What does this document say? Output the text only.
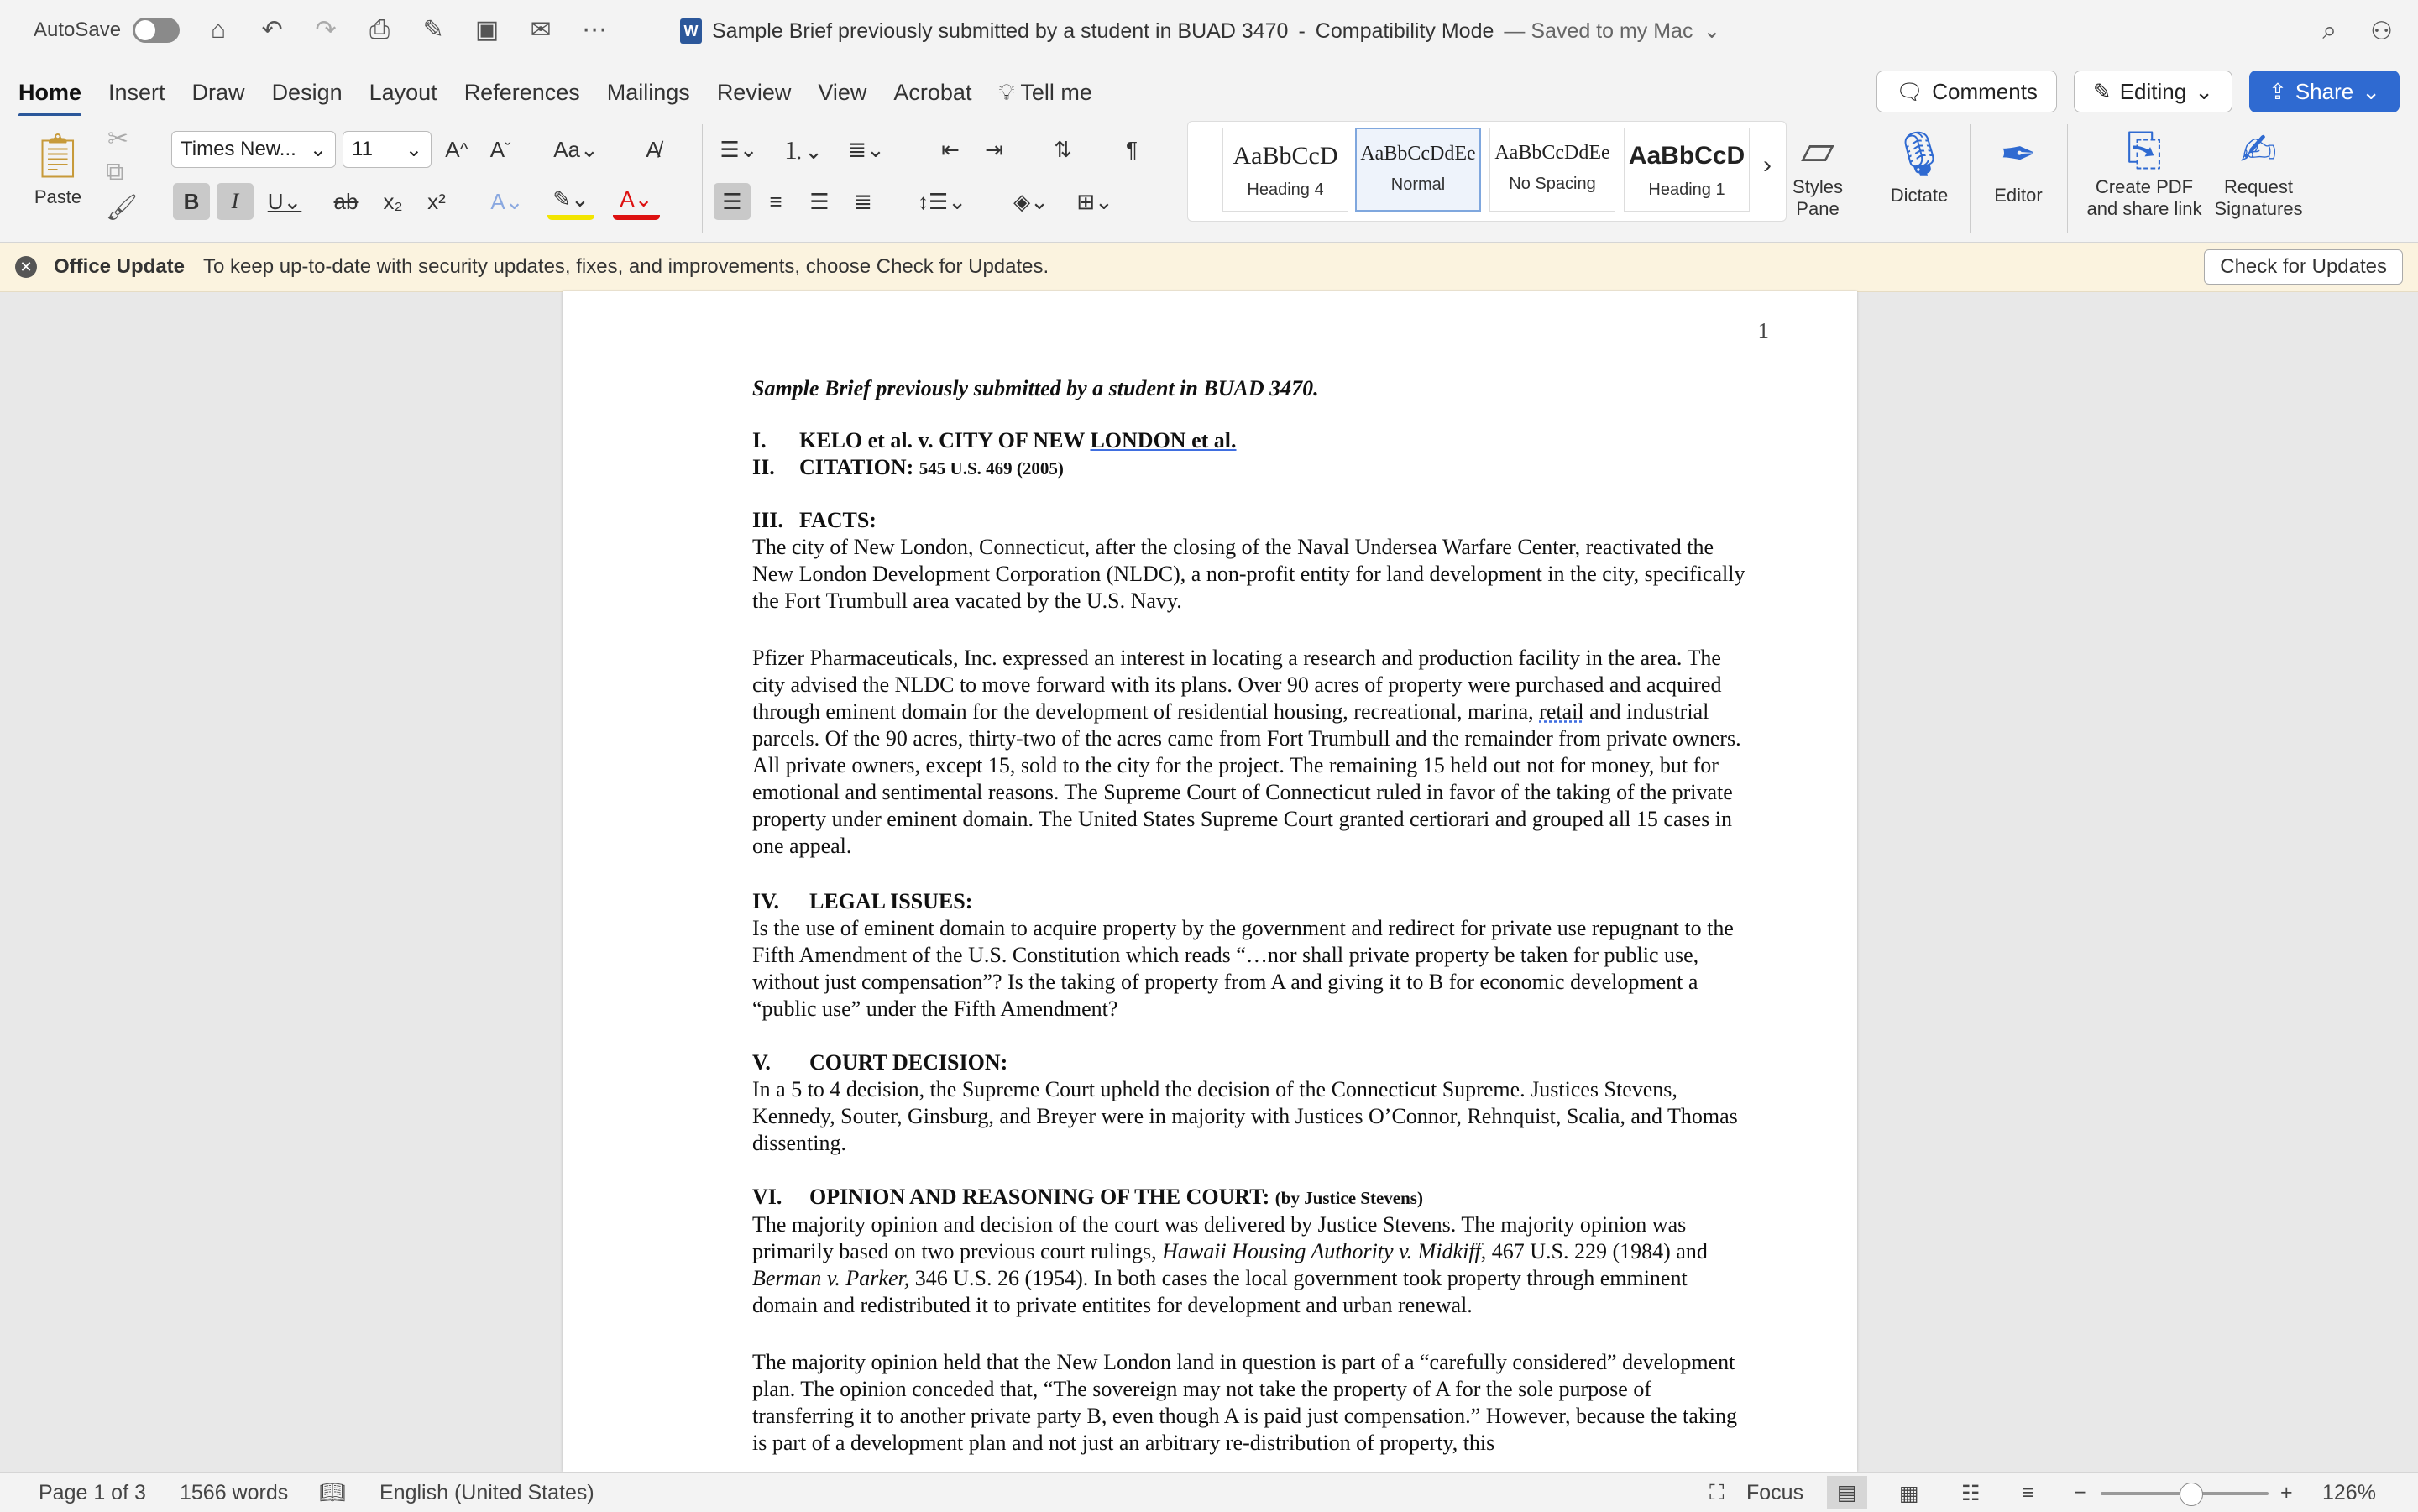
AutoSave	⌂ ↶ ↷ ⎙ ✎ ▣ ✉ ⋯	W Sample Brief previously submitted by a student in BUAD 3470 - Compatibility Mode — Saved to my Mac ⌄	⌕ ⚇
Home	Insert	Draw	Design	Layout	References	Mailings	Review	View	Acrobat	💡︎ Tell me	🗨︎ Comments	✎ Editing ⌄	⇪ Share ⌄
📋︎
Paste
✂
⧉
🖌︎
Times New... ⌄ 11 ⌄	A ^ A ˇ Aa⌄	A̸
B	I	U⌄ ab	x₂	x²	A⌄	✎⌄	A⌄
☰⌄ ⒈⌄ ≣⌄	⇤	⇥	⇅	¶
☰	≡	☰	≣	↕☰⌄	◈⌄	⊞⌄
AaBbCcD
Heading 4
AaBbCcDdEe
Normal
AaBbCcDdEe
No Spacing
AaBbCcD
Heading 1
› ▱
Styles
Pane
🎙︎
Dictate
✒
Editor
⎘
Create PDF
and share link
✍
Request
Signatures
✕ Office Update To keep up-to-date with security updates, fixes, and improvements, choose Check for Updates.	Check for Updates
1

Sample Brief previously submitted by a student in BUAD 3470.

I. KELO et al. v. CITY OF NEW LONDON et al.

II. CITATION: 545 U.S. 469 (2005)

III. FACTS:

The city of New London, Connecticut, after the closing of the Naval Undersea Warfare Center, reactivated the New London Development Corporation (NLDC), a non-profit entity for land development in the city, specifically the Fort Trumbull area vacated by the U.S. Navy.

Pfizer Pharmaceuticals, Inc. expressed an interest in locating a research and production facility in the area. The city advised the NLDC to move forward with its plans. Over 90 acres of property were purchased and acquired through eminent domain for the development of residential housing, recreational, marina, retail and industrial parcels. Of the 90 acres, thirty-two of the acres came from Fort Trumbull and the remainder from private owners. All private owners, except 15, sold to the city for the project. The remaining 15 held out not for money, but for emotional and sentimental reasons. The Supreme Court of Connecticut ruled in favor of the taking of the private property under eminent domain. The United States Supreme Court granted certiorari and grouped all 15 cases in one appeal.

IV. LEGAL ISSUES:

Is the use of eminent domain to acquire property by the government and redirect for private use repugnant to the Fifth Amendment of the U.S. Constitution which reads “…nor shall private property be taken for public use, without just compensation”? Is the taking of property from A and giving it to B for economic development a “public use” under the Fifth Amendment?

V. COURT DECISION:

In a 5 to 4 decision, the Supreme Court upheld the decision of the Connecticut Supreme. Justices Stevens, Kennedy, Souter, Ginsburg, and Breyer were in majority with Justices O’Connor, Rehnquist, Scalia, and Thomas dissenting.

VI. OPINION AND REASONING OF THE COURT: (by Justice Stevens)

The majority opinion and decision of the court was delivered by Justice Stevens. The majority opinion was primarily based on two previous court rulings, Hawaii Housing Authority v. Midkiff, 467 U.S. 229 (1984) and Berman v. Parker, 346 U.S. 26 (1954). In both cases the local government took property through emminent domain and redistributed it to private entitites for development and urban renewal.

The majority opinion held that the New London land in question is part of a “carefully considered” development plan. The opinion conceded that, “The sovereign may not take the property of A for the sole purpose of transferring it to another private party B, even though A is paid just compensation.” However, because the taking is part of a development plan and not just an arbitrary re-distribution of property, this

Page 1 of 3 1566 words 📖︎ English (United States)	⛶ Focus	▤	▦ ☷ ≡ −	+ 126%
